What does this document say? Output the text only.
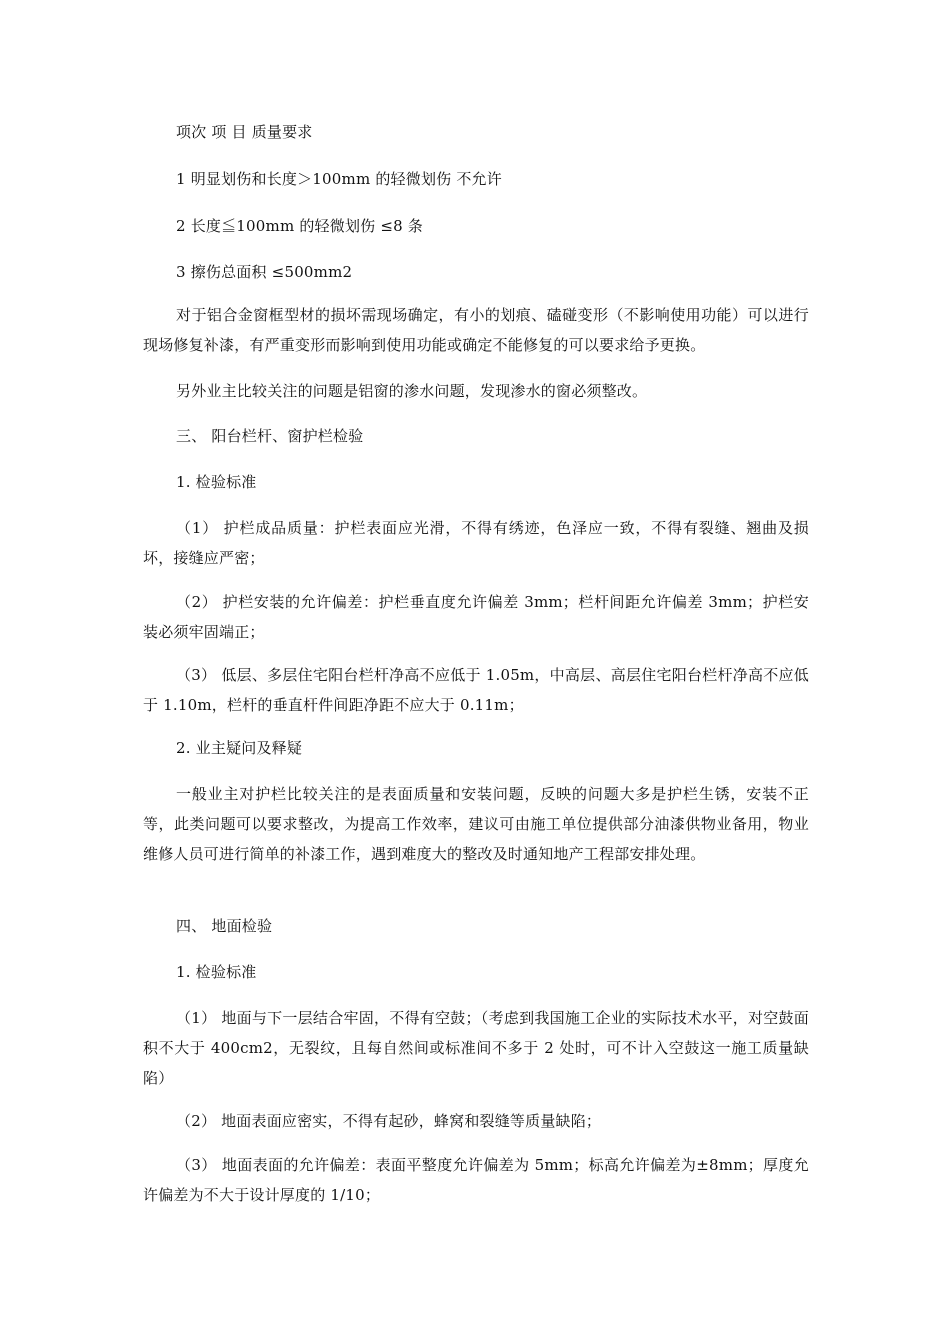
项次 项 目 质量要求
1 明显划伤和长度＞100mm 的轻微划伤 不允许
2 长度≦100mm 的轻微划伤 ≤8 条
3 擦伤总面积 ≤500mm2

对于铝合金窗框型材的损坏需现场确定，有小的划痕、磕碰变形（不影响使用功能）可以进行现场修复补漆，有严重变形而影响到使用功能或确定不能修复的可以要求给予更换。

另外业主比较关注的问题是铝窗的渗水问题，发现渗水的窗必须整改。
三、 阳台栏杆、窗护栏检验
1. 检验标准

（1） 护栏成品质量：护栏表面应光滑，不得有绣迹，色泽应一致，不得有裂缝、翘曲及损坏，接缝应严密；

（2） 护栏安装的允许偏差：护栏垂直度允许偏差 3mm；栏杆间距允许偏差 3mm；护栏安装必须牢固端正；

（3） 低层、多层住宅阳台栏杆净高不应低于 1.05m，中高层、高层住宅阳台栏杆净高不应低于 1.10m，栏杆的垂直杆件间距净距不应大于 0.11m；

2. 业主疑问及释疑

一般业主对护栏比较关注的是表面质量和安装问题，反映的问题大多是护栏生锈，安装不正等，此类问题可以要求整改，为提高工作效率，建议可由施工单位提供部分油漆供物业备用，物业维修人员可进行简单的补漆工作，遇到难度大的整改及时通知地产工程部安排处理。

四、 地面检验
1. 检验标准

（1） 地面与下一层结合牢固，不得有空鼓；（考虑到我国施工企业的实际技术水平，对空鼓面积不大于 400cm2，无裂纹，且每自然间或标准间不多于 2 处时，可不计入空鼓这一施工质量缺陷）

（2） 地面表面应密实，不得有起砂，蜂窝和裂缝等质量缺陷；

（3） 地面表面的允许偏差：表面平整度允许偏差为 5mm；标高允许偏差为±8mm；厚度允许偏差为不大于设计厚度的 1/10；
